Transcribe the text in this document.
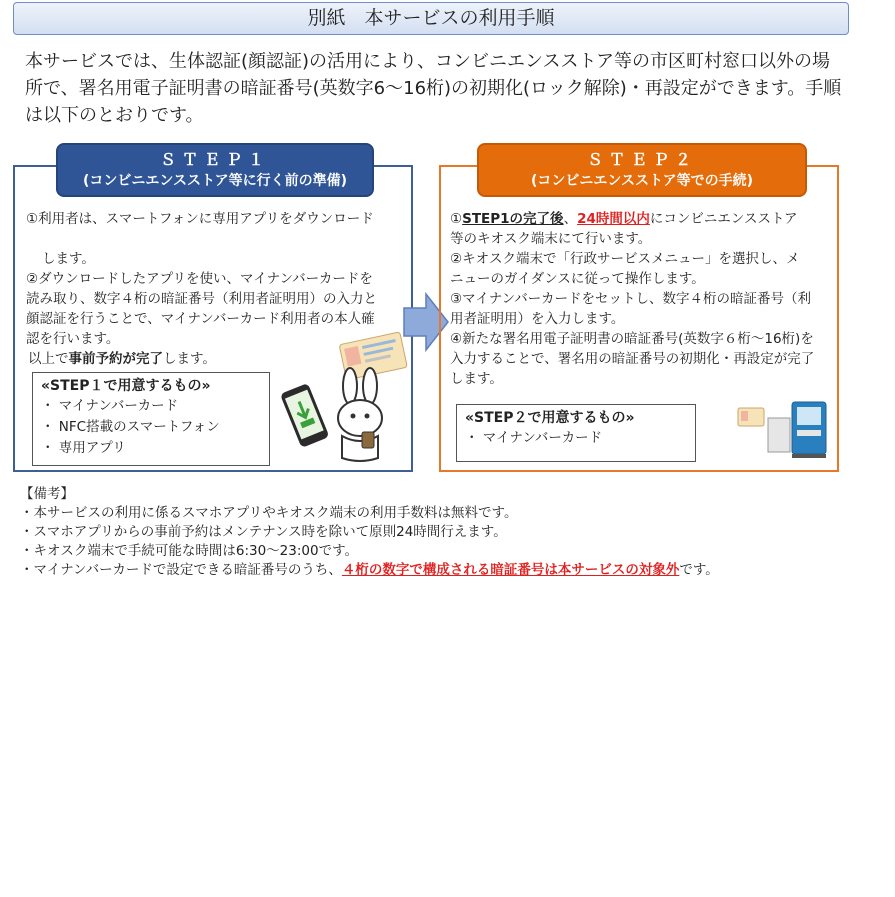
別紙　本サービスの利用手順
本サービスでは、生体認証(顔認証)の活用により、コンビニエンスストア等の市区町村窓口以外の場所で、署名用電子証明書の暗証番号(英数字6～16桁)の初期化(ロック解除)・再設定ができます。手順は以下のとおりです。
ＳＴＥＰ１
(コンビニエンスストア等に行く前の準備)
①利用者は、スマートフォンに専用アプリをダウンロード
します。
②ダウンロードしたアプリを使い、マイナンバーカードを読み取り、数字４桁の暗証番号（利用者証明用）の入力と顔認証を行うことで、マイナンバーカード利用者の本人確認を行います。
以上で事前予約が完了します。
«STEP１で用意するもの»
・ マイナンバーカード
・ NFC搭載のスマートフォン
・ 専用アプリ
ＳＴＥＰ２
(コンビニエンスストア等での手続)
①STEP1の完了後、24時間以内にコンビニエンスストア等のキオスク端末にて行います。
②キオスク端末で「行政サービスメニュー」を選択し、メニューのガイダンスに従って操作します。
③マイナンバーカードをセットし、数字４桁の暗証番号（利用者証明用）を入力します。
④新たな署名用電子証明書の暗証番号(英数字６桁～16桁)を入力することで、署名用の暗証番号の初期化・再設定が完了します。
«STEP２で用意するもの»
・ マイナンバーカード
【備考】
・本サービスの利用に係るスマホアプリやキオスク端末の利用手数料は無料です。
・スマホアプリからの事前予約はメンテナンス時を除いて原則24時間行えます。
・キオスク端末で手続可能な時間は6:30～23:00です。
・マイナンバーカードで設定できる暗証番号のうち、４桁の数字で構成される暗証番号は本サービスの対象外です。
